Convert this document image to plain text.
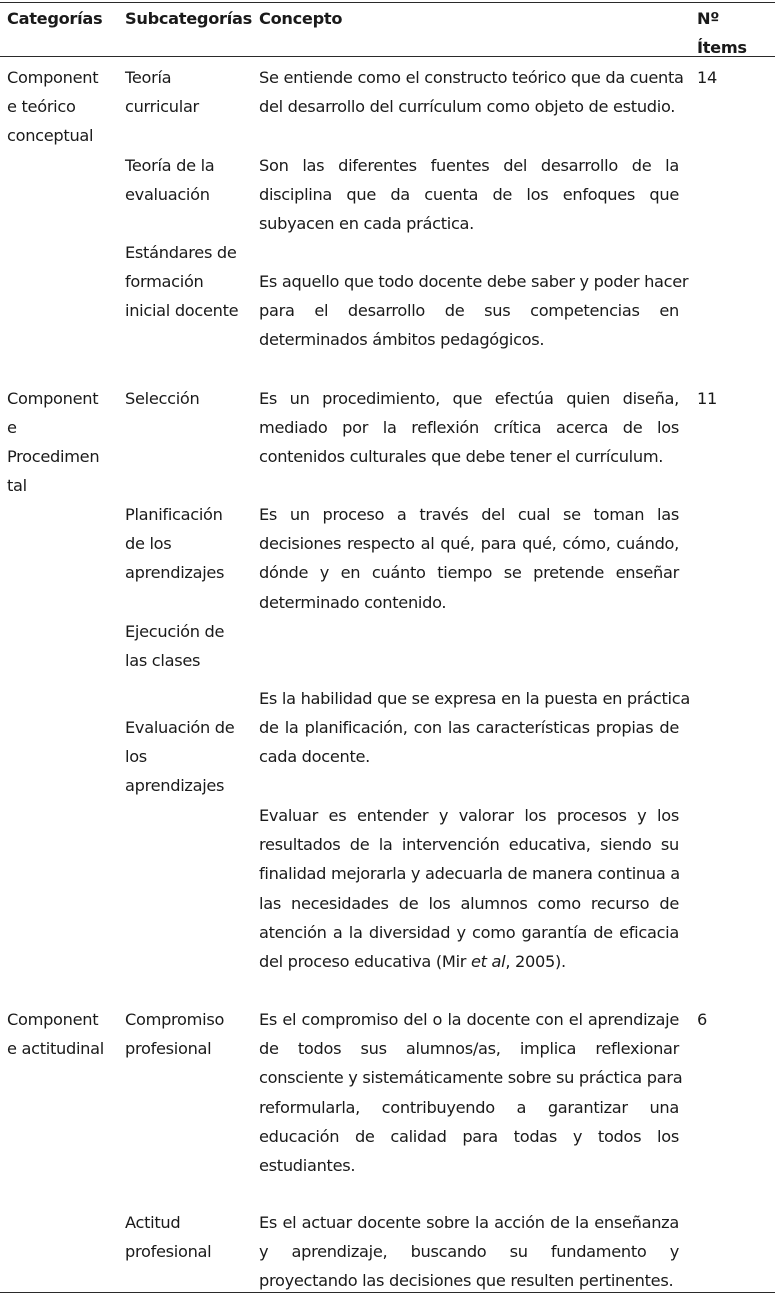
Categorías Subcategorías Concepto	Nº
Ítems
Component
e teórico
conceptual
14
Teoría
curricular
Se entiende como el constructo teórico que da cuenta
del desarrollo del currículum como objeto de estudio.
Teoría de la
evaluación
Son las diferentes fuentes del desarrollo de la
disciplina que da cuenta de los enfoques que
subyacen en cada práctica.
Estándares de
formación
inicial docente
Es aquello que todo docente debe saber y poder hacer
para el desarrollo de sus competencias en
determinados ámbitos pedagógicos.
Component
e
Procedimen
tal
11
Selección	Es un procedimiento, que efectúa quien diseña,
mediado por la reflexión crítica acerca de los
contenidos culturales que debe tener el currículum.
Planificación
de los
aprendizajes
Es un proceso a través del cual se toman las
decisiones respecto al qué, para qué, cómo, cuándo,
dónde y en cuánto tiempo se pretende enseñar
determinado contenido.
Ejecución de
las clases
Es la habilidad que se expresa en la puesta en práctica
de la planificación, con las características propias de
cada docente.
Evaluación de
los
aprendizajes
Evaluar es entender y valorar los procesos y los
resultados de la intervención educativa, siendo su
finalidad mejorarla y adecuarla de manera continua a
las necesidades de los alumnos como recurso de
atención a la diversidad y como garantía de eficacia
del proceso educativa (Mir et al, 2005).
Component
e actitudinal
6
Compromiso
profesional
Es el compromiso del o la docente con el aprendizaje
de todos sus alumnos/as, implica reflexionar
consciente y sistemáticamente sobre su práctica para
reformularla, contribuyendo a garantizar una
educación de calidad para todas y todos los
estudiantes.
Actitud
profesional
Es el actuar docente sobre la acción de la enseñanza
y aprendizaje, buscando su fundamento y
proyectando las decisiones que resulten pertinentes.
